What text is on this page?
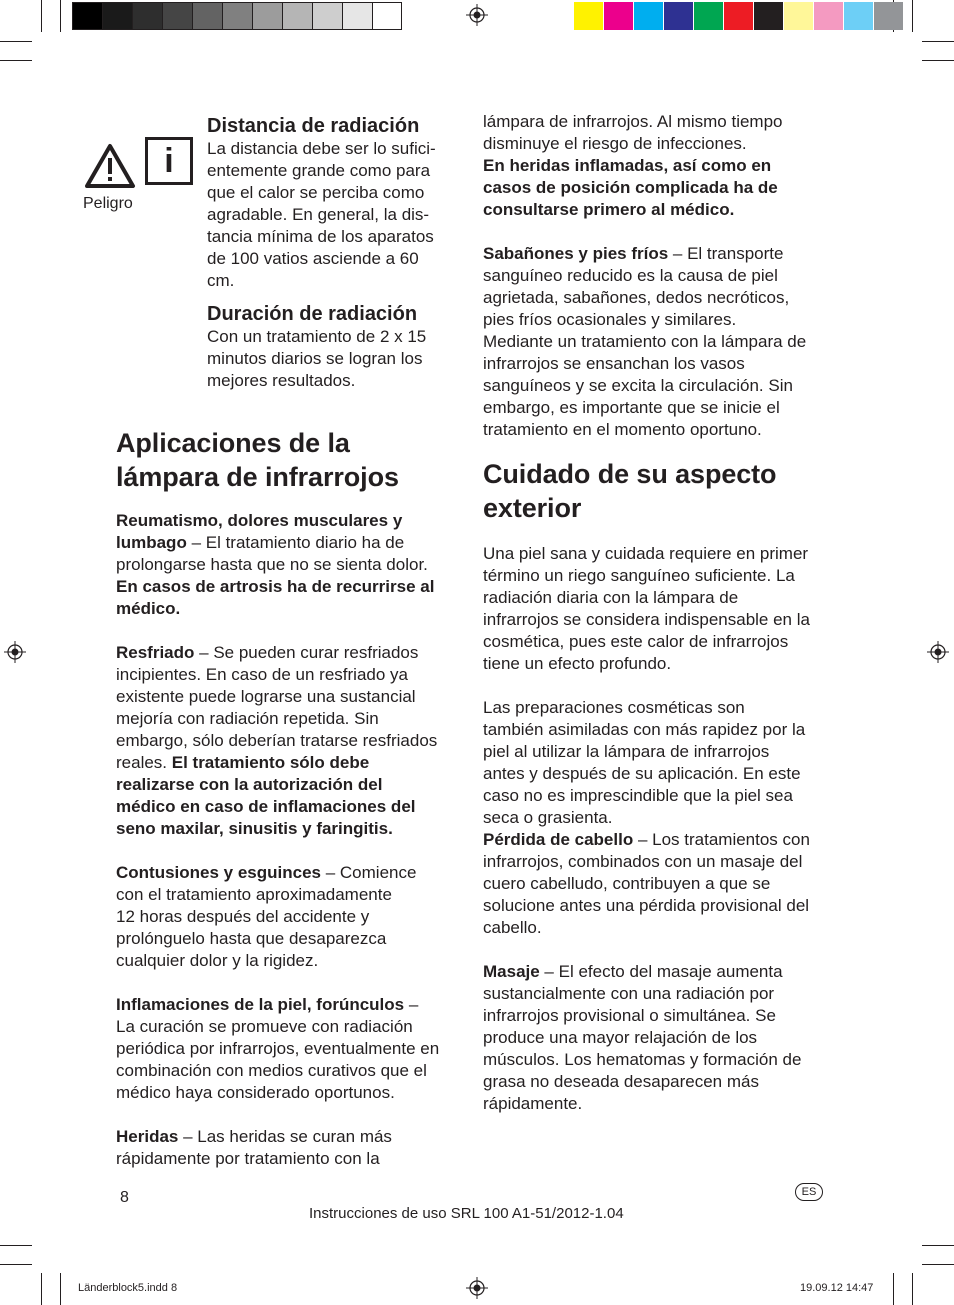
Peligro
i

Distancia de radiación

La distancia debe ser lo sufici-
entemente grande como para
que el calor se perciba como
agradable. En general, la dis-
tancia mínima de los aparatos
de 100 vatios asciende a 60
cm.

Duración de radiación

Con un tratamiento de 2 x 15
minutos diarios se logran los
mejores resultados.

Aplicaciones de la

lámpara de infrarrojos

Reumatismo, dolores musculares y
lumbago – El tratamiento diario ha de
prolongarse hasta que no se sienta dolor.
En casos de artrosis ha de recurrirse al
médico.

Resfriado – Se pueden curar resfriados
incipientes. En caso de un resfriado ya
existente puede lograrse una sustancial
mejoría con radiación repetida. Sin
embargo, sólo deberían tratarse resfriados
reales. El tratamiento sólo debe
realizarse con la autorización del
médico en caso de inflamaciones del
seno maxilar, sinusitis y faringitis.

Contusiones y esguinces – Comience
con el tratamiento aproximadamente
12 horas después del accidente y
prolónguelo hasta que desaparezca
cualquier dolor y la rigidez.

Inflamaciones de la piel, forúnculos –
La curación se promueve con radiación
periódica por infrarrojos, eventualmente en
combinación con medios curativos que el
médico haya considerado oportunos.

Heridas – Las heridas se curan más
rápidamente por tratamiento con la

lámpara de infrarrojos. Al mismo tiempo
disminuye el riesgo de infecciones.
En heridas inflamadas, así como en
casos de posición complicada ha de
consultarse primero al médico.

Sabañones y pies fríos – El transporte
sanguíneo reducido es la causa de piel
agrietada, sabañones, dedos necróticos,
pies fríos ocasionales y similares.
Mediante un tratamiento con la lámpara de
infrarrojos se ensanchan los vasos
sanguíneos y se excita la circulación. Sin
embargo, es importante que se inicie el
tratamiento en el momento oportuno.

Cuidado de su aspecto

exterior

Una piel sana y cuidada requiere en primer
término un riego sanguíneo suficiente. La
radiación diaria con la lámpara de
infrarrojos se considera indispensable en la
cosmética, pues este calor de infrarrojos
tiene un efecto profundo.

Las preparaciones cosméticas son
también asimiladas con más rapidez por la
piel al utilizar la lámpara de infrarrojos
antes y después de su aplicación. En este
caso no es imprescindible que la piel sea
seca o grasienta.

Pérdida de cabello – Los tratamientos con
infrarrojos, combinados con un masaje del
cuero cabelludo, contribuyen a que se
solucione antes una pérdida provisional del
cabello.

Masaje – El efecto del masaje aumenta
sustancialmente con una radiación por
infrarrojos provisional o simultánea. Se
produce una mayor relajación de los
músculos. Los hematomas y formación de
grasa no deseada desaparecen más
rápidamente.

8	ES
Instrucciones de uso SRL 100 A1-51/2012-1.04
Länderblock5.indd 8	19.09.12 14:47
